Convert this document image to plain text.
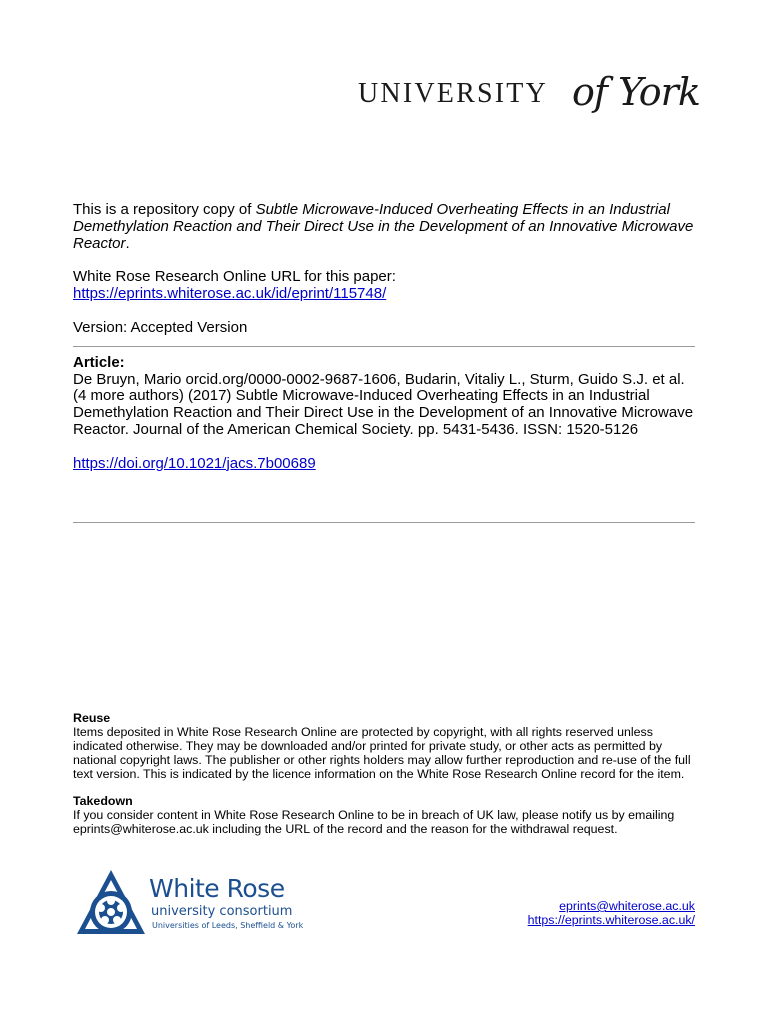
UNIVERSITY of York

This is a repository copy of Subtle Microwave-Induced Overheating Effects in an Industrial Demethylation Reaction and Their Direct Use in the Development of an Innovative Microwave Reactor.

White Rose Research Online URL for this paper:

https://eprints.whiterose.ac.uk/id/eprint/115748/

Version: Accepted Version

Article:

De Bruyn, Mario orcid.org/0000-0002-9687-1606, Budarin, Vitaliy L., Sturm, Guido S.J. et al. (4 more authors) (2017) Subtle Microwave-Induced Overheating Effects in an Industrial Demethylation Reaction and Their Direct Use in the Development of an Innovative Microwave Reactor. Journal of the American Chemical Society. pp. 5431-5436. ISSN: 1520-5126

https://doi.org/10.1021/jacs.7b00689

Reuse

Items deposited in White Rose Research Online are protected by copyright, with all rights reserved unless indicated otherwise. They may be downloaded and/or printed for private study, or other acts as permitted by national copyright laws. The publisher or other rights holders may allow further reproduction and re-use of the full text version. This is indicated by the licence information on the White Rose Research Online record for the item.

Takedown

If you consider content in White Rose Research Online to be in breach of UK law, please notify us by emailing eprints@whiterose.ac.uk including the URL of the record and the reason for the withdrawal request.

White Rose
university consortium
Universities of Leeds, Sheffield & York
eprints@whiterose.ac.uk
https://eprints.whiterose.ac.uk/
